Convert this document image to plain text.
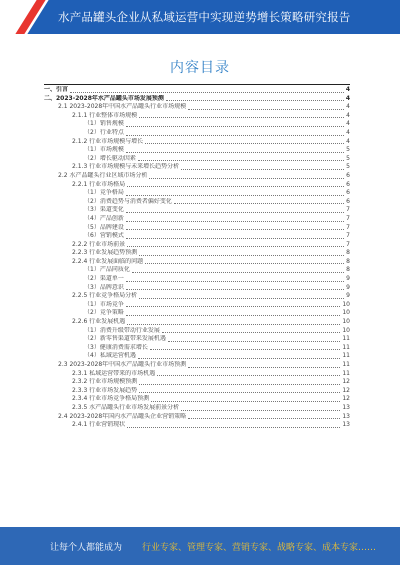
水产品罐头企业从私域运营中实现逆势增长策略研究报告
内容目录
一、引言	4
二、2023-2028年水产品罐头市场发展预测	4
2.1 2023-2028年中国水产品罐头行业市场规模	4
2.1.1 行业整体市场规模	4
（1）销售规模	4
（2）行业特点	4
2.1.2 行业市场规模与增长	4
（1）市场规模	5
（2）增长驱动因素	5
2.1.3 行业市场规模与未来增长趋势分析	5
2.2 水产品罐头行业区域市场分析	6
2.2.1 行业市场格局	6
（1）竞争格局	6
（2）消费趋势与消费者偏好变化	6
（3）渠道变化	7
（4）产品创新	7
（5）品牌建设	7
（6）营销模式	7
2.2.2 行业市场前景	7
2.2.3 行业发展趋势预测	8
2.2.4 行业发展面临的问题	8
（1）产品同质化	8
（2）渠道单一	9
（3）品牌意识	9
2.2.5 行业竞争格局分析	9
（1）市场竞争	10
（2）竞争策略	10
2.2.6 行业发展机遇	10
（1）消费升级带动行业发展	10
（2）新零售渠道带来发展机遇	11
（3）健康消费需求增长	11
（4）私域运营机遇	11
2.3 2023-2028年中国水产品罐头行业市场预测	11
2.3.1 私域运营带来的市场机遇	11
2.3.2 行业市场规模预测	12
2.3.3 行业市场发展趋势	12
2.3.4 行业市场竞争格局预测	12
2.3.5 水产品罐头行业市场发展前景分析	13
2.4 2023-2028年国内水产品罐头企业营销策略	13
2.4.1 行业营销现状	13
让每个人都能成为 行业专家、管理专家、营销专家、战略专家、成本专家……
